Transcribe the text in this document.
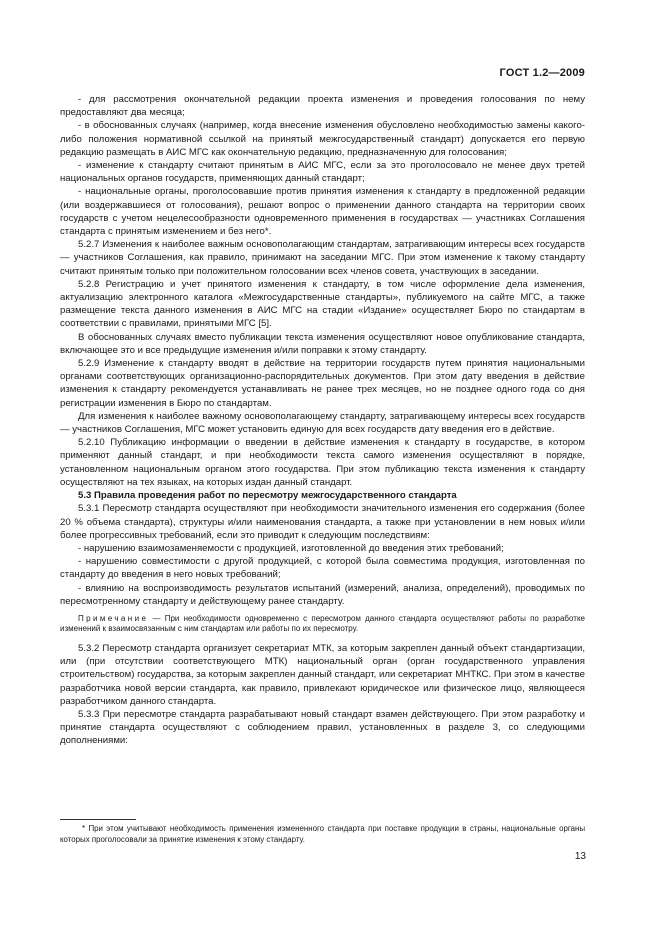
ГОСТ 1.2—2009

- для рассмотрения окончательной редакции проекта изменения и проведения голосования по нему предоставляют два месяца;

- в обоснованных случаях (например, когда внесение изменения обусловлено необходимостью замены какого-либо положения нормативной ссылкой на принятый межгосударственный стандарт) допускается его первую редакцию размещать в АИС МГС как окончательную редакцию, предназначенную для голосования;

- изменение к стандарту считают принятым в АИС МГС, если за это проголосовало не менее двух третей национальных органов государств, применяющих данный стандарт;

- национальные органы, проголосовавшие против принятия изменения к стандарту в предложенной редакции (или воздержавшиеся от голосования), решают вопрос о применении данного стандарта на территории своих государств с учетом нецелесообразности одновременного применения в государствах — участниках Соглашения стандарта с принятым изменением и без него*.

5.2.7 Изменения к наиболее важным основополагающим стандартам, затрагивающим интересы всех государств — участников Соглашения, как правило, принимают на заседании МГС. При этом изменение к такому стандарту считают принятым только при положительном голосовании всех членов совета, участвующих в заседании.

5.2.8 Регистрацию и учет принятого изменения к стандарту, в том числе оформление дела изменения, актуализацию электронного каталога «Межгосударственные стандарты», публикуемого на сайте МГС, а также размещение текста данного изменения в АИС МГС на стадии «Издание» осуществляет Бюро по стандартам в соответствии с правилами, принятыми МГС [5].

В обоснованных случаях вместо публикации текста изменения осуществляют новое опубликование стандарта, включающее это и все предыдущие изменения и/или поправки к этому стандарту.

5.2.9 Изменение к стандарту вводят в действие на территории государств путем принятия национальными органами соответствующих организационно-распорядительных документов. При этом дату введения в действие изменения к стандарту рекомендуется устанавливать не ранее трех месяцев, но не позднее одного года со дня регистрации изменения в Бюро по стандартам.

Для изменения к наиболее важному основополагающему стандарту, затрагивающему интересы всех государств — участников Соглашения, МГС может установить единую для всех государств дату введения его в действие.

5.2.10 Публикацию информации о введении в действие изменения к стандарту в государстве, в котором применяют данный стандарт, и при необходимости текста самого изменения осуществляют в порядке, установленном национальным органом этого государства. При этом публикацию текста изменения к стандарту осуществляют на тех языках, на которых издан данный стандарт.

5.3 Правила проведения работ по пересмотру межгосударственного стандарта

5.3.1 Пересмотр стандарта осуществляют при необходимости значительного изменения его содержания (более 20 % объема стандарта), структуры и/или наименования стандарта, а также при установлении в нем новых и/или более прогрессивных требований, если это приводит к следующим последствиям:

- нарушению взаимозаменяемости с продукцией, изготовленной до введения этих требований;

- нарушению совместимости с другой продукцией, с которой была совместима продукция, изготовленная по стандарту до введения в него новых требований;

- влиянию на воспроизводимость результатов испытаний (измерений, анализа, определений), проводимых по пересмотренному стандарту и действующему ранее стандарту.

Примечание — При необходимости одновременно с пересмотром данного стандарта осуществляют работы по разработке изменений к взаимосвязанным с ним стандартам или работы по их пересмотру.

5.3.2 Пересмотр стандарта организует секретариат МТК, за которым закреплен данный объект стандартизации, или (при отсутствии соответствующего МТК) национальный орган (орган государственного управления строительством) государства, за которым закреплен данный стандарт, или секретариат МНТКС. При этом в качестве разработчика новой версии стандарта, как правило, привлекают юридическое или физическое лицо, являющееся разработчиком данного стандарта.

5.3.3 При пересмотре стандарта разрабатывают новый стандарт взамен действующего. При этом разработку и принятие стандарта осуществляют с соблюдением правил, установленных в разделе 3, со следующими дополнениями:

* При этом учитывают необходимость применения измененного стандарта при поставке продукции в страны, национальные органы которых проголосовали за принятие изменения к этому стандарту.

13
